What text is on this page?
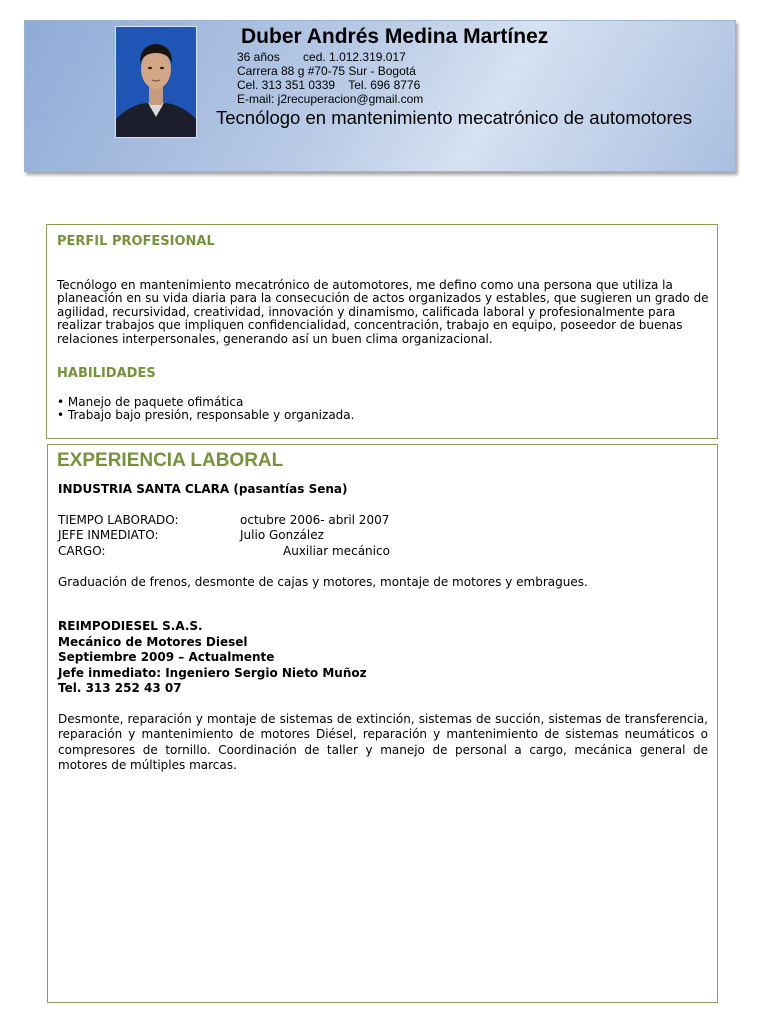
Duber Andrés Medina Martínez
36 años       ced. 1.012.319.017
Carrera 88 g #70-75 Sur - Bogotá
Cel. 313 351 0339    Tel. 696 8776
E-mail: j2recuperacion@gmail.com
Tecnólogo en mantenimiento mecatrónico de automotores
PERFIL PROFESIONAL
Tecnólogo en mantenimiento mecatrónico de automotores, me defino como una persona que utiliza la planeación en su vida diaria para la consecución de actos organizados y estables, que sugieren un grado de agilidad, recursividad, creatividad, innovación y dinamismo, calificada laboral y profesionalmente para realizar trabajos que impliquen confidencialidad, concentración, trabajo en equipo, poseedor de buenas relaciones interpersonales, generando así un buen clima organizacional.
HABILIDADES
• Manejo de paquete ofimática
• Trabajo bajo presión, responsable y organizada.
EXPERIENCIA LABORAL
INDUSTRIA SANTA CLARA (pasantías Sena)
TIEMPO LABORADO:	octubre 2006- abril 2007
JEFE INMEDIATO:	Julio González
CARGO:	Auxiliar mecánico
Graduación de frenos, desmonte de cajas y motores, montaje de motores y embragues.
REIMPODIESEL S.A.S.
Mecánico de Motores Diesel
Septiembre 2009 – Actualmente
Jefe inmediato: Ingeniero Sergio Nieto Muñoz
Tel. 313 252 43 07
Desmonte, reparación y montaje de sistemas de extinción, sistemas de succión, sistemas de transferencia, reparación y mantenimiento de motores Diésel, reparación y mantenimiento de sistemas neumáticos o compresores de tornillo. Coordinación de taller y manejo de personal a cargo, mecánica general de motores de múltiples marcas.
